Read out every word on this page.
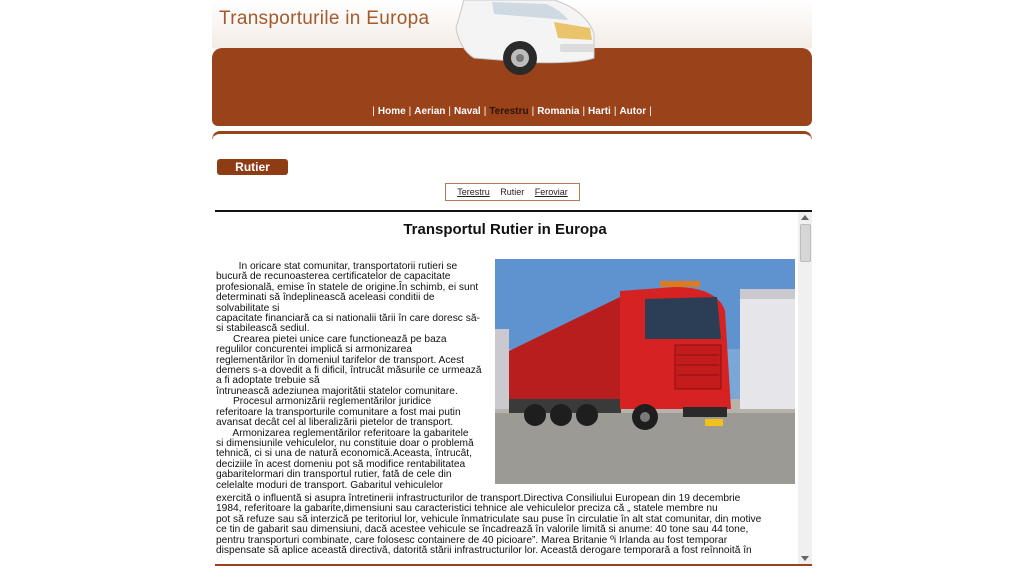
Transporturile in Europa
| Home | Aerian | Naval | Terestru | Romania | Harti | Autor |
Rutier
Terestru Rutier Feroviar
Transportul Rutier in Europa
In oricare stat comunitar, transportatorii rutieri se
bucură de recunoasterea certificatelor de capacitate
profesională, emise în statele de origine.În schimb, ei sunt
determinati să îndeplinească aceleasi conditii de
solvabilitate si
capacitate financiară ca si nationalii tării în care doresc să-
si stabilească sediul.
Crearea pietei unice care functionează pe baza
regulilor concurentei implică si armonizarea
reglementărilor în domeniul tarifelor de transport. Acest
demers s-a dovedit a fi dificil, întrucât măsurile ce urmează
a fi adoptate trebuie să
întrunească adeziunea majoritătii statelor comunitare.
Procesul armonizării reglementărilor juridice
referitoare la transporturile comunitare a fost mai putin
avansat decât cel al liberalizării pietelor de transport.
Armonizarea reglementărilor referitoare la gabaritele
si dimensiunile vehiculelor, nu constituie doar o problemă
tehnică, ci si una de natură economică.Aceasta, întrucât,
deciziile în acest domeniu pot să modifice rentabilitatea
gabaritelormari din transportul rutier, fată de cele din
celelalte moduri de transport. Gabaritul vehiculelor
exercită o influentă si asupra întretinerii infrastructurilor de transport.Directiva Consiliului European din 19 decembrie
1984, referitoare la gabarite,dimensiuni sau caracteristici tehnice ale vehiculelor preciza că „ statele membre nu
pot să refuze sau să interzică pe teritoriul lor, vehicule înmatriculate sau puse în circulatie în alt stat comunitar, din motive
ce tin de gabarit sau dimensiuni, dacă acestee vehicule se încadrează în valorile limită si anume: 40 tone sau 44 tone,
pentru transporturi combinate, care folosesc containere de 40 picioare”. Marea Britanie ºi Irlanda au fost temporar
dispensate să aplice această directivă, datorită stării infrastructurilor lor. Această derogare temporară a fost reînnoită în
